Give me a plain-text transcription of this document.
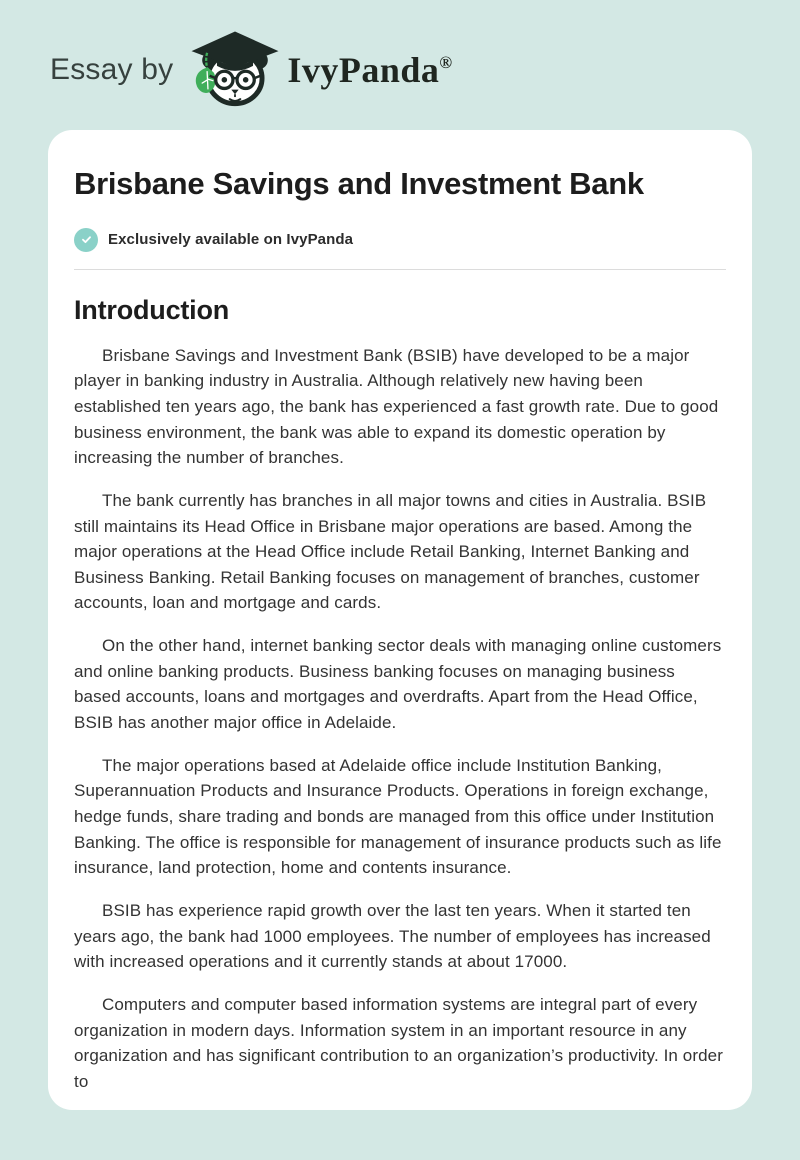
Essay by	IvyPanda®
Brisbane Savings and Investment Bank
Exclusively available on IvyPanda
Introduction

Brisbane Savings and Investment Bank (BSIB) have developed to be a major player in banking industry in Australia. Although relatively new having been established ten years ago, the bank has experienced a fast growth rate. Due to good business environment, the bank was able to expand its domestic operation by increasing the number of branches.

The bank currently has branches in all major towns and cities in Australia. BSIB still maintains its Head Office in Brisbane major operations are based. Among the major operations at the Head Office include Retail Banking, Internet Banking and Business Banking. Retail Banking focuses on management of branches, customer accounts, loan and mortgage and cards.

On the other hand, internet banking sector deals with managing online customers and online banking products. Business banking focuses on managing business based accounts, loans and mortgages and overdrafts. Apart from the Head Office, BSIB has another major office in Adelaide.

The major operations based at Adelaide office include Institution Banking, Superannuation Products and Insurance Products. Operations in foreign exchange, hedge funds, share trading and bonds are managed from this office under Institution Banking. The office is responsible for management of insurance products such as life insurance, land protection, home and contents insurance.

BSIB has experience rapid growth over the last ten years. When it started ten years ago, the bank had 1000 employees. The number of employees has increased with increased operations and it currently stands at about 17000.

Computers and computer based information systems are integral part of every organization in modern days. Information system in an important resource in any organization and has significant contribution to an organization’s productivity. In order to
